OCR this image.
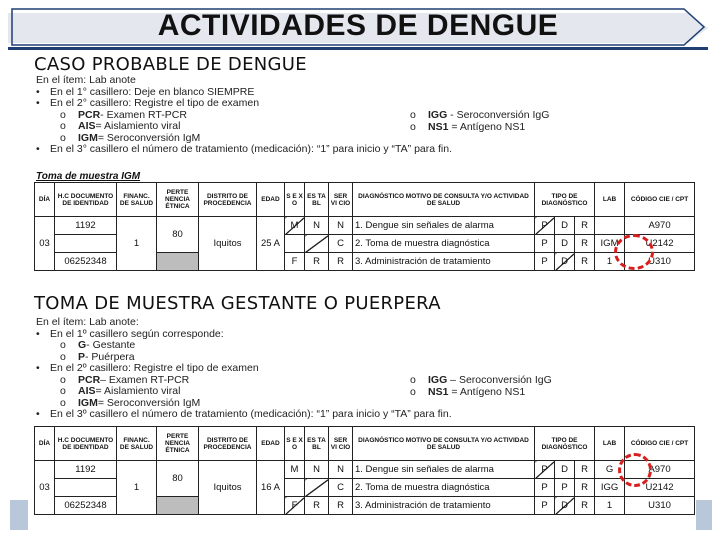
ACTIVIDADES DE DENGUE
CASO PROBABLE DE DENGUE
En el ítem: Lab anote
• En el 1° casillero: Deje en blanco SIEMPRE
• En el 2° casillero: Registre el tipo de examen
o	PCR - Examen RT-PCR
o	AIS = Aislamiento viral
o	IGM = Seroconversión IgM
• En el 3° casillero el número de tratamiento (medicación): “1” para inicio y “TA” para fin.
o IGG - Seroconversión IgG
o NS1 = Antígeno NS1
Toma de muestra IGM
DÍA	H.C DOCUMENTO DE IDENTIDAD	FINANC. DE SALUD	PERTE NENCIA ÉTNICA	DISTRITO DE PROCEDENCIA	EDAD	S E X O	ES TA BL	SER VI CIO	DIAGNÓSTICO MOTIVO DE CONSULTA Y/O ACTIVIDAD DE SALUD	TIPO DE DIAGNÓSTICO			LAB	CÓDIGO CIE / CPT
03	1192	1	80	Iquitos	25 A	M	N	N	1. Dengue sin señales de alarma	P	D	R		A970
								C	2. Toma de muestra diagnóstica	P	D	R	IGM	U2142
	06252348					F	R	R	3. Administración de tratamiento	P	D	R	1	U310
TOMA DE MUESTRA GESTANTE O PUERPERA
En el ítem: Lab anote:
• En el 1º casillero según corresponde:
o	G - Gestante
o	P - Puérpera
• En el 2º casillero: Registre el tipo de examen
o	PCR – Examen RT-PCR
o	AIS = Aislamiento viral
o	IGM = Seroconversión IgM
• En el 3º casillero el número de tratamiento (medicación): “1” para inicio y “TA” para fin.
o IGG – Seroconversión IgG
o NS1 = Antígeno NS1
DÍA	H.C DOCUMENTO DE IDENTIDAD	FINANC. DE SALUD	PERTE NENCIA ÉTNICA	DISTRITO DE PROCEDENCIA	EDAD	S E X O	ES TA BL	SER VI CIO	DIAGNÓSTICO MOTIVO DE CONSULTA Y/O ACTIVIDAD DE SALUD	TIPO DE DIAGNÓSTICO			LAB	CÓDIGO CIE / CPT
03	1192	1	80	Iquitos	16 A	M	N	N	1. Dengue sin señales de alarma	P	D	R	G	A970
								C	2. Toma de muestra diagnóstica	P	P	R	IGG	U2142
	06252348					F	R	R	3. Administración de tratamiento	P	D	R	1	U310
